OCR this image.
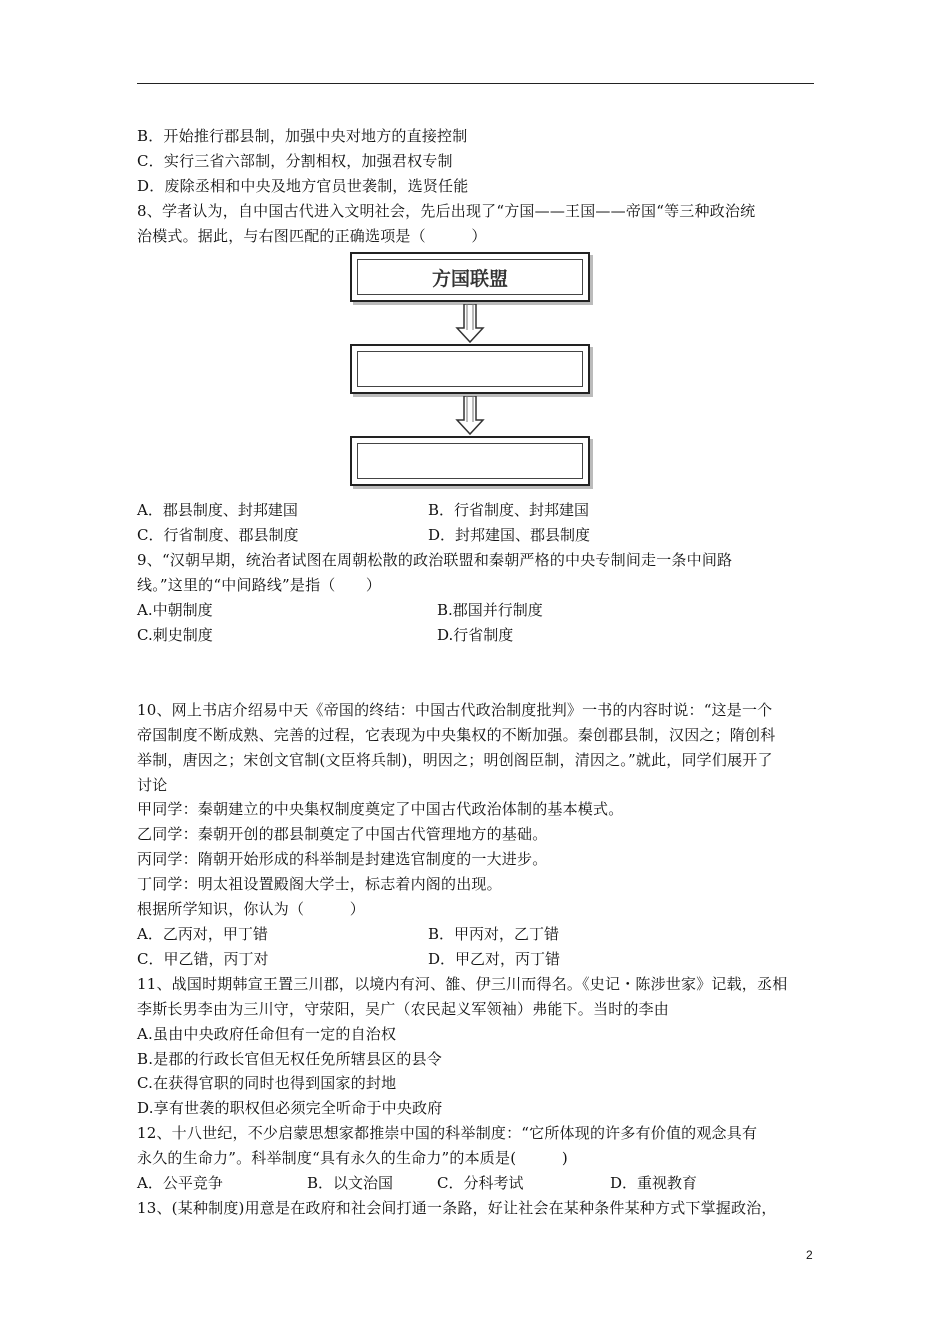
B．开始推行郡县制，加强中央对地方的直接控制
C．实行三省六部制，分割相权，加强君权专制
D．废除丞相和中央及地方官员世袭制，选贤任能
8、学者认为，自中国古代进入文明社会，先后出现了“方国——王国——帝国“等三种政治统
治模式。据此，与右图匹配的正确选项是（　　　）
方国联盟
A．郡县制度、封邦建国	B．行省制度、封邦建国
C．行省制度、郡县制度	D．封邦建国、郡县制度
9、“汉朝早期，统治者试图在周朝松散的政治联盟和秦朝严格的中央专制间走一条中间路
线。”这里的“中间路线”是指（　　）
A.中朝制度	B.郡国并行制度
C.刺史制度	D.行省制度
10、网上书店介绍易中天《帝国的终结：中国古代政治制度批判》一书的内容时说：“这是一个
帝国制度不断成熟、完善的过程，它表现为中央集权的不断加强。秦创郡县制，汉因之；隋创科
举制，唐因之；宋创文官制(文臣将兵制)，明因之；明创阁臣制，清因之。”就此，同学们展开了
讨论
甲同学：秦朝建立的中央集权制度奠定了中国古代政治体制的基本模式。
乙同学：秦朝开创的郡县制奠定了中国古代管理地方的基础。
丙同学：隋朝开始形成的科举制是封建选官制度的一大进步。
丁同学：明太祖设置殿阁大学士，标志着内阁的出现。
根据所学知识，你认为（　　　）
A．乙丙对，甲丁错	B．甲丙对，乙丁错
C．甲乙错，丙丁对	D．甲乙对，丙丁错
11、战国时期韩宣王置三川郡，以境内有河、雒、伊三川而得名。《史记・陈涉世家》记载，丞相
李斯长男李由为三川守，守荥阳，吴广（农民起义军领袖）弗能下。当时的李由
A.虽由中央政府任命但有一定的自治权
B.是郡的行政长官但无权任免所辖县区的县令
C.在获得官职的同时也得到国家的封地
D.享有世袭的职权但必须完全听命于中央政府
12、十八世纪，不少启蒙思想家都推崇中国的科举制度：“它所体现的许多有价值的观念具有
永久的生命力”。科举制度“具有永久的生命力”的本质是(　　　)
A．公平竞争	B．以文治国	C．分科考试	D．重视教育
13、(某种制度)用意是在政府和社会间打通一条路，好让社会在某种条件某种方式下掌握政治，
2
